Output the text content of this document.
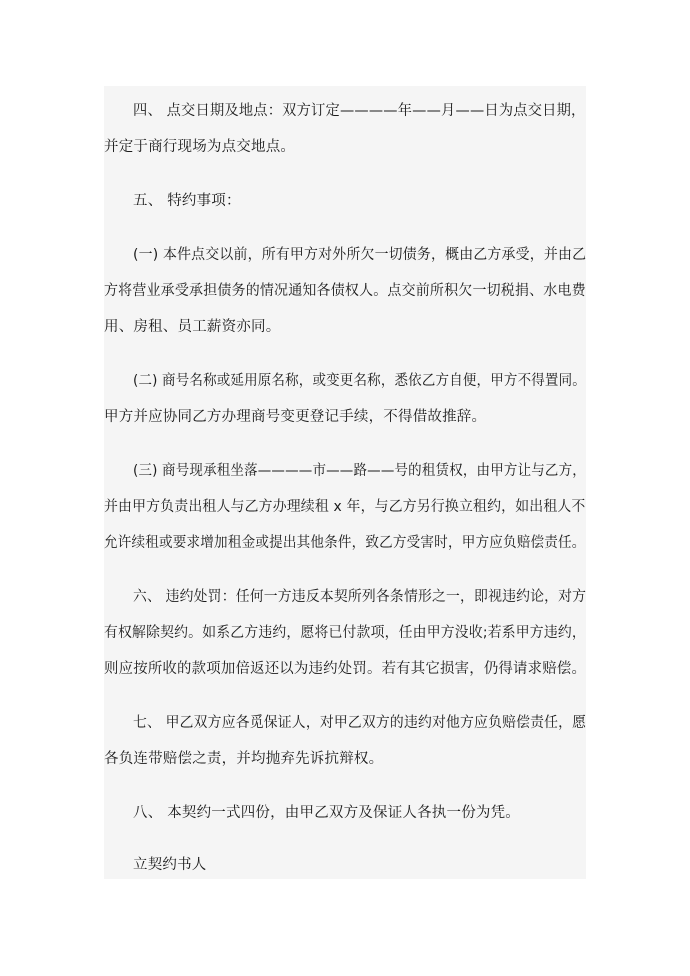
四、 点交日期及地点：双方订定————年——月——日为点交日期，
并定于商行现场为点交地点。
五、 特约事项：
(一) 本件点交以前，所有甲方对外所欠一切债务，概由乙方承受，并由乙
方将营业承受承担债务的情况通知各债权人。点交前所积欠一切税捐、水电费
用、房租、员工薪资亦同。
(二) 商号名称或延用原名称，或变更名称，悉依乙方自便，甲方不得置同。
甲方并应协同乙方办理商号变更登记手续，不得借故推辞。
(三) 商号现承租坐落————市——路——号的租赁权，由甲方让与乙方，
并由甲方负责出租人与乙方办理续租 x 年，与乙方另行换立租约，如出租人不
允许续租或要求增加租金或提出其他条件，致乙方受害时，甲方应负赔偿责任。
六、 违约处罚：任何一方违反本契所列各条情形之一，即视违约论，对方
有权解除契约。如系乙方违约，愿将已付款项，任由甲方没收;若系甲方违约，
则应按所收的款项加倍返还以为违约处罚。若有其它损害，仍得请求赔偿。
七、 甲乙双方应各觅保证人，对甲乙双方的违约对他方应负赔偿责任，愿
各负连带赔偿之责，并均抛弃先诉抗辩权。
八、 本契约一式四份，由甲乙双方及保证人各执一份为凭。
立契约书人
